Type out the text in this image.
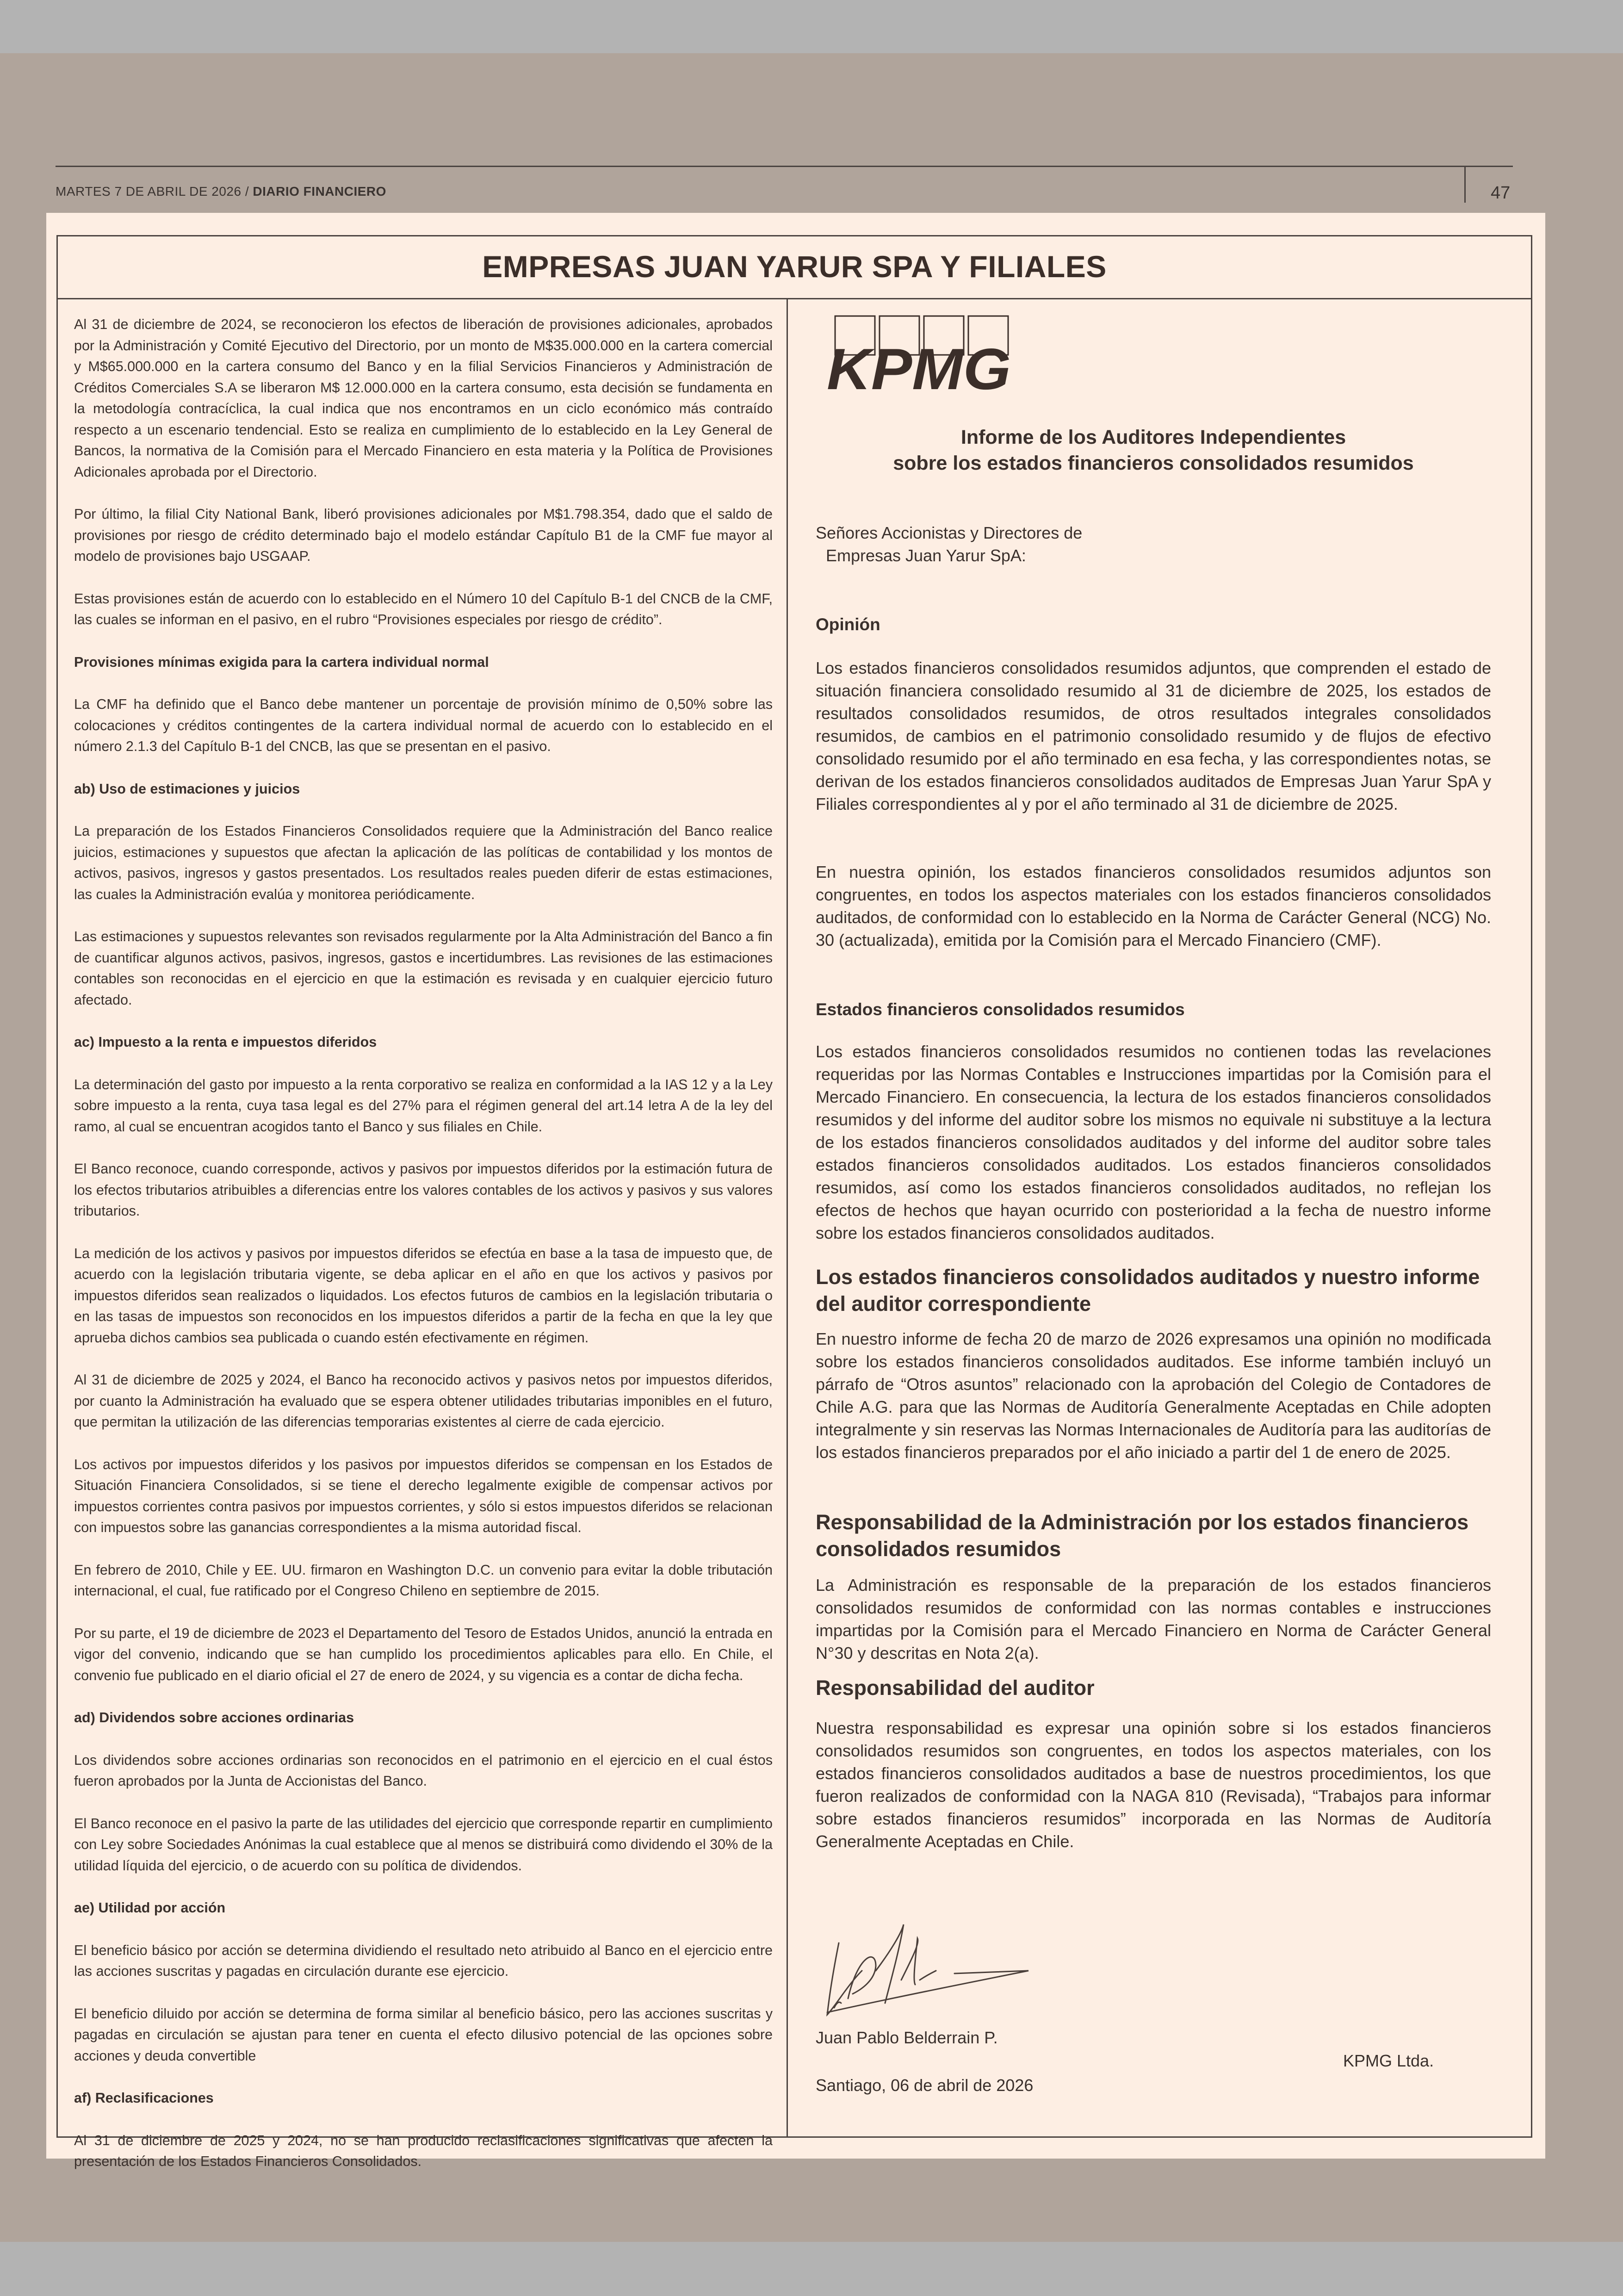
MARTES 7 DE ABRIL DE 2026 / DIARIO FINANCIERO	47
EMPRESAS JUAN YARUR SPA Y FILIALES

Al 31 de diciembre de 2024, se reconocieron los efectos de liberación de provisiones adicionales, aprobados por la Administración y Comité Ejecutivo del Directorio, por un monto de M$35.000.000 en la cartera comercial y M$65.000.000 en la cartera consumo del Banco y en la filial Servicios Financieros y Administración de Créditos Comerciales S.A se liberaron M$ 12.000.000 en la cartera consumo, esta decisión se fundamenta en la metodología contracíclica, la cual indica que nos encontramos en un ciclo económico más contraído respecto a un escenario tendencial. Esto se realiza en cumplimiento de lo establecido en la Ley General de Bancos, la normativa de la Comisión para el Mercado Financiero en esta materia y la Política de Provisiones Adicionales aprobada por el Directorio.

Por último, la filial City National Bank, liberó provisiones adicionales por M$1.798.354, dado que el saldo de provisiones por riesgo de crédito determinado bajo el modelo estándar Capítulo B1 de la CMF fue mayor al modelo de provisiones bajo USGAAP.

Estas provisiones están de acuerdo con lo establecido en el Número 10 del Capítulo B-1 del CNCB de la CMF, las cuales se informan en el pasivo, en el rubro “Provisiones especiales por riesgo de crédito”.

Provisiones mínimas exigida para la cartera individual normal

La CMF ha definido que el Banco debe mantener un porcentaje de provisión mínimo de 0,50% sobre las colocaciones y créditos contingentes de la cartera individual normal de acuerdo con lo establecido en el número 2.1.3 del Capítulo B-1 del CNCB, las que se presentan en el pasivo.

ab) Uso de estimaciones y juicios

La preparación de los Estados Financieros Consolidados requiere que la Administración del Banco realice juicios, estimaciones y supuestos que afectan la aplicación de las políticas de contabilidad y los montos de activos, pasivos, ingresos y gastos presentados. Los resultados reales pueden diferir de estas estimaciones, las cuales la Administración evalúa y monitorea periódicamente.

Las estimaciones y supuestos relevantes son revisados regularmente por la Alta Administración del Banco a fin de cuantificar algunos activos, pasivos, ingresos, gastos e incertidumbres. Las revisiones de las estimaciones contables son reconocidas en el ejercicio en que la estimación es revisada y en cualquier ejercicio futuro afectado.

ac) Impuesto a la renta e impuestos diferidos

La determinación del gasto por impuesto a la renta corporativo se realiza en conformidad a la IAS 12 y a la Ley sobre impuesto a la renta, cuya tasa legal es del 27% para el régimen general del art.14 letra A de la ley del ramo, al cual se encuentran acogidos tanto el Banco y sus filiales en Chile.

El Banco reconoce, cuando corresponde, activos y pasivos por impuestos diferidos por la estimación futura de los efectos tributarios atribuibles a diferencias entre los valores contables de los activos y pasivos y sus valores tributarios.

La medición de los activos y pasivos por impuestos diferidos se efectúa en base a la tasa de impuesto que, de acuerdo con la legislación tributaria vigente, se deba aplicar en el año en que los activos y pasivos por impuestos diferidos sean realizados o liquidados. Los efectos futuros de cambios en la legislación tributaria o en las tasas de impuestos son reconocidos en los impuestos diferidos a partir de la fecha en que la ley que aprueba dichos cambios sea publicada o cuando estén efectivamente en régimen.

Al 31 de diciembre de 2025 y 2024, el Banco ha reconocido activos y pasivos netos por impuestos diferidos, por cuanto la Administración ha evaluado que se espera obtener utilidades tributarias imponibles en el futuro, que permitan la utilización de las diferencias temporarias existentes al cierre de cada ejercicio.

Los activos por impuestos diferidos y los pasivos por impuestos diferidos se compensan en los Estados de Situación Financiera Consolidados, si se tiene el derecho legalmente exigible de compensar activos por impuestos corrientes contra pasivos por impuestos corrientes, y sólo si estos impuestos diferidos se relacionan con impuestos sobre las ganancias correspondientes a la misma autoridad fiscal.

En febrero de 2010, Chile y EE. UU. firmaron en Washington D.C. un convenio para evitar la doble tributación internacional, el cual, fue ratificado por el Congreso Chileno en septiembre de 2015.

Por su parte, el 19 de diciembre de 2023 el Departamento del Tesoro de Estados Unidos, anunció la entrada en vigor del convenio, indicando que se han cumplido los procedimientos aplicables para ello. En Chile, el convenio fue publicado en el diario oficial el 27 de enero de 2024, y su vigencia es a contar de dicha fecha.

ad) Dividendos sobre acciones ordinarias

Los dividendos sobre acciones ordinarias son reconocidos en el patrimonio en el ejercicio en el cual éstos fueron aprobados por la Junta de Accionistas del Banco.

El Banco reconoce en el pasivo la parte de las utilidades del ejercicio que corresponde repartir en cumplimiento con Ley sobre Sociedades Anónimas la cual establece que al menos se distribuirá como dividendo el 30% de la utilidad líquida del ejercicio, o de acuerdo con su política de dividendos.

ae) Utilidad por acción

El beneficio básico por acción se determina dividiendo el resultado neto atribuido al Banco en el ejercicio entre las acciones suscritas y pagadas en circulación durante ese ejercicio.

El beneficio diluido por acción se determina de forma similar al beneficio básico, pero las acciones suscritas y pagadas en circulación se ajustan para tener en cuenta el efecto dilusivo potencial de las opciones sobre acciones y deuda convertible

af) Reclasificaciones

Al 31 de diciembre de 2025 y 2024, no se han producido reclasificaciones significativas que afecten la presentación de los Estados Financieros Consolidados.

KPMG
Informe de los Auditores Independientes
sobre los estados financieros consolidados resumidos
Señores Accionistas y Directores de
Empresas Juan Yarur SpA:
Opinión

Los estados financieros consolidados resumidos adjuntos, que comprenden el estado de situación financiera consolidado resumido al 31 de diciembre de 2025, los estados de resultados consolidados resumidos, de otros resultados integrales consolidados resumidos, de cambios en el patrimonio consolidado resumido y de flujos de efectivo consolidado resumido por el año terminado en esa fecha, y las correspondientes notas, se derivan de los estados financieros consolidados auditados de Empresas Juan Yarur SpA y Filiales correspondientes al y por el año terminado al 31 de diciembre de 2025.

En nuestra opinión, los estados financieros consolidados resumidos adjuntos son congruentes, en todos los aspectos materiales con los estados financieros consolidados auditados, de conformidad con lo establecido en la Norma de Carácter General (NCG) No. 30 (actualizada), emitida por la Comisión para el Mercado Financiero (CMF).

Estados financieros consolidados resumidos

Los estados financieros consolidados resumidos no contienen todas las revelaciones requeridas por las Normas Contables e Instrucciones impartidas por la Comisión para el Mercado Financiero. En consecuencia, la lectura de los estados financieros consolidados resumidos y del informe del auditor sobre los mismos no equivale ni substituye a la lectura de los estados financieros consolidados auditados y del informe del auditor sobre tales estados financieros consolidados auditados. Los estados financieros consolidados resumidos, así como los estados financieros consolidados auditados, no reflejan los efectos de hechos que hayan ocurrido con posterioridad a la fecha de nuestro informe sobre los estados financieros consolidados auditados.

Los estados financieros consolidados auditados y nuestro informe del auditor correspondiente

En nuestro informe de fecha 20 de marzo de 2026 expresamos una opinión no modificada sobre los estados financieros consolidados auditados. Ese informe también incluyó un párrafo de “Otros asuntos” relacionado con la aprobación del Colegio de Contadores de Chile A.G. para que las Normas de Auditoría Generalmente Aceptadas en Chile adopten integralmente y sin reservas las Normas Internacionales de Auditoría para las auditorías de los estados financieros preparados por el año iniciado a partir del 1 de enero de 2025.

Responsabilidad de la Administración por los estados financieros consolidados resumidos

La Administración es responsable de la preparación de los estados financieros consolidados resumidos de conformidad con las normas contables e instrucciones impartidas por la Comisión para el Mercado Financiero en Norma de Carácter General N°30 y descritas en Nota 2(a).

Responsabilidad del auditor

Nuestra responsabilidad es expresar una opinión sobre si los estados financieros consolidados resumidos son congruentes, en todos los aspectos materiales, con los estados financieros consolidados auditados a base de nuestros procedimientos, los que fueron realizados de conformidad con la NAGA 810 (Revisada), “Trabajos para informar sobre estados financieros resumidos” incorporada en las Normas de Auditoría Generalmente Aceptadas en Chile.

Juan Pablo Belderrain P.
KPMG Ltda.
Santiago, 06 de abril de 2026
